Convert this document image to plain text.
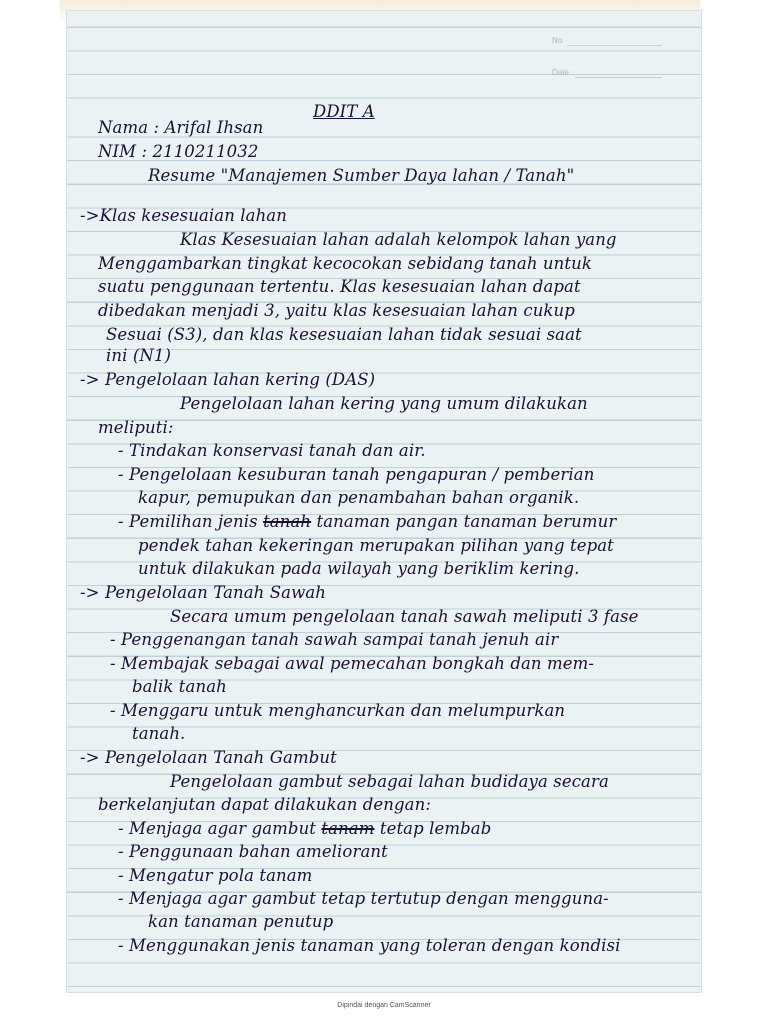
No
Date
DDIT A
Nama : Arifal Ihsan
NIM : 2110211032
Resume "Manajemen Sumber Daya lahan / Tanah"
->Klas kesesuaian lahan
Klas Kesesuaian lahan adalah kelompok lahan yang
Menggambarkan tingkat kecocokan sebidang tanah untuk
suatu penggunaan tertentu. Klas kesesuaian lahan dapat
dibedakan menjadi 3, yaitu klas kesesuaian lahan cukup
Sesuai (S3), dan klas kesesuaian lahan tidak sesuai saat
ini (N1)
-> Pengelolaan lahan kering (DAS)
Pengelolaan lahan kering yang umum dilakukan
meliputi:
- Tindakan konservasi tanah dan air.
- Pengelolaan kesuburan tanah pengapuran / pemberian
kapur, pemupukan dan penambahan bahan organik.
- Pemilihan jenis tanah tanaman pangan tanaman berumur
pendek tahan kekeringan merupakan pilihan yang tepat
untuk dilakukan pada wilayah yang beriklim kering.
-> Pengelolaan Tanah Sawah
Secara umum pengelolaan tanah sawah meliputi 3 fase
- Penggenangan tanah sawah sampai tanah jenuh air
- Membajak sebagai awal pemecahan bongkah dan mem-
balik tanah
- Menggaru untuk menghancurkan dan melumpurkan
tanah.
-> Pengelolaan Tanah Gambut
Pengelolaan gambut sebagai lahan budidaya secara
berkelanjutan dapat dilakukan dengan:
- Menjaga agar gambut tanam tetap lembab
- Penggunaan bahan ameliorant
- Mengatur pola tanam
- Menjaga agar gambut tetap tertutup dengan mengguna-
kan tanaman penutup
- Menggunakan jenis tanaman yang toleran dengan kondisi
Dipindai dengan CamScanner
